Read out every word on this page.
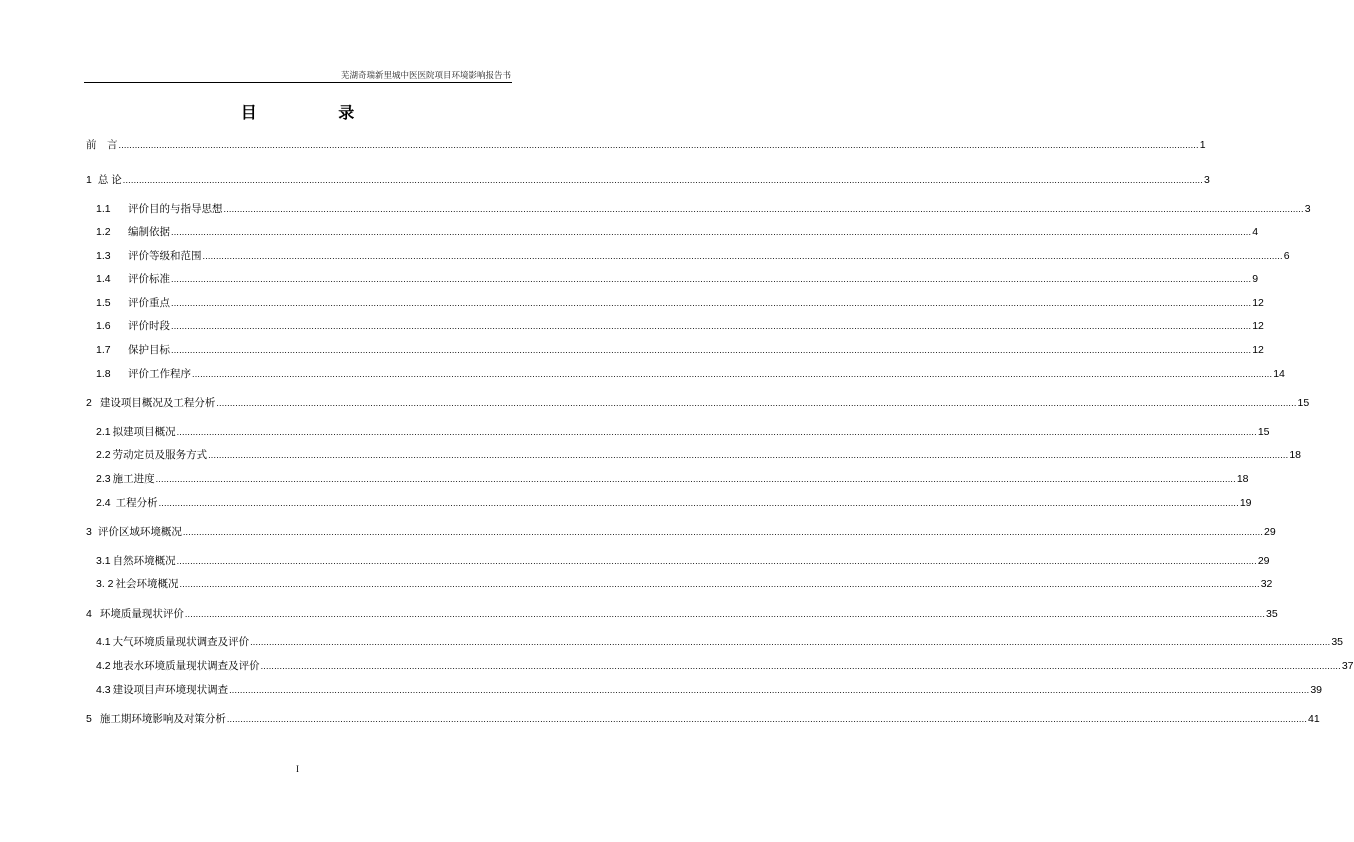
芜湖奇瑞新里城中医医院项目环境影响报告书
目 录
前　言 ................................................................................................................................................................................................................................................................................................................................................................................................................ 1
1 总 论 ................................................................................................................................................................................................................................................................................................................................................................................................................ 3
1.1	评价目的与指导思想 ................................................................................................................................................................................................................................................................................................................................................................................................................ 3
1.2	编制依据 ................................................................................................................................................................................................................................................................................................................................................................................................................ 4
1.3	评价等级和范围 ................................................................................................................................................................................................................................................................................................................................................................................................................ 6
1.4	评价标准 ................................................................................................................................................................................................................................................................................................................................................................................................................ 9
1.5	评价重点 ................................................................................................................................................................................................................................................................................................................................................................................................................ 12
1.6	评价时段 ................................................................................................................................................................................................................................................................................................................................................................................................................ 12
1.7	保护目标 ................................................................................................................................................................................................................................................................................................................................................................................................................ 12
1.8	评价工作程序 ................................................................................................................................................................................................................................................................................................................................................................................................................ 14
2 建设项目概况及工程分析 ................................................................................................................................................................................................................................................................................................................................................................................................................ 15
2.1 拟建项目概况 ................................................................................................................................................................................................................................................................................................................................................................................................................ 15
2.2 劳动定员及服务方式 ................................................................................................................................................................................................................................................................................................................................................................................................................ 18
2.3 施工进度 ................................................................................................................................................................................................................................................................................................................................................................................................................ 18
2.4 工程分析 ................................................................................................................................................................................................................................................................................................................................................................................................................ 19
3 评价区域环境概况 ................................................................................................................................................................................................................................................................................................................................................................................................................ 29
3.1 自然环境概况 ................................................................................................................................................................................................................................................................................................................................................................................................................ 29
3. 2 社会环境概况 ................................................................................................................................................................................................................................................................................................................................................................................................................ 32
4 环境质量现状评价 ................................................................................................................................................................................................................................................................................................................................................................................................................ 35
4.1 大气环境质量现状调查及评价 ................................................................................................................................................................................................................................................................................................................................................................................................................ 35
4.2 地表水环境质量现状调查及评价 ................................................................................................................................................................................................................................................................................................................................................................................................................ 37
4.3 建设项目声环境现状调查 ................................................................................................................................................................................................................................................................................................................................................................................................................ 39
5 施工期环境影响及对策分析 ................................................................................................................................................................................................................................................................................................................................................................................................................ 41
I
